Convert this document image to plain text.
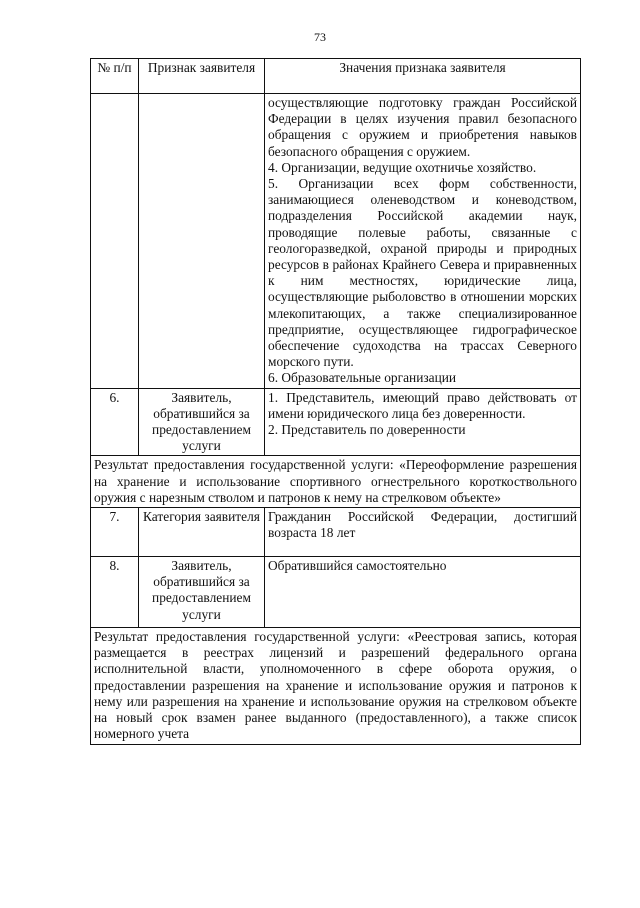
73
№ п/п	Признак заявителя	Значения признака заявителя

		осуществляющие подготовку граждан Российской Федерации в целях изучения правил безопасного обращения с оружием и приобретения навыков безопасного обращения с оружием.

4. Организации, ведущие охотничье хозяйство.

5. Организации всех форм собственности, занимающиеся оленеводством и коневодством, подразделения Российской академии наук, проводящие полевые работы, связанные с геологоразведкой, охраной природы и природных ресурсов в районах Крайнего Севера и приравненных к ним местностях, юридические лица, осуществляющие рыболовство в отношении морских млекопитающих, а также специализированное предприятие, осуществляющее гидрографическое обеспечение судоходства на трассах Северного морского пути.

6. Образовательные организации

6.	Заявитель, обратившийся за предоставлением услуги	1. Представитель, имеющий право действовать от имени юридического лица без доверенности.

2. Представитель по доверенности

Результат предоставления государственной услуги: «Переоформление разрешения на хранение и использование спортивного огнестрельного короткоствольного оружия с нарезным стволом и патронов к нему на стрелковом объекте»		
7.	Категория заявителя	Гражданин Российской Федерации, достигший возраста 18 лет
8.	Заявитель, обратившийся за предоставлением услуги	Обратившийся самостоятельно
Результат предоставления государственной услуги: «Реестровая запись, которая размещается в реестрах лицензий и разрешений федерального органа исполнительной власти, уполномоченного в сфере оборота оружия, о предоставлении разрешения на хранение и использование оружия и патронов к нему или разрешения на хранение и использование оружия на стрелковом объекте на новый срок взамен ранее выданного (предоставленного), а также список номерного учета		
